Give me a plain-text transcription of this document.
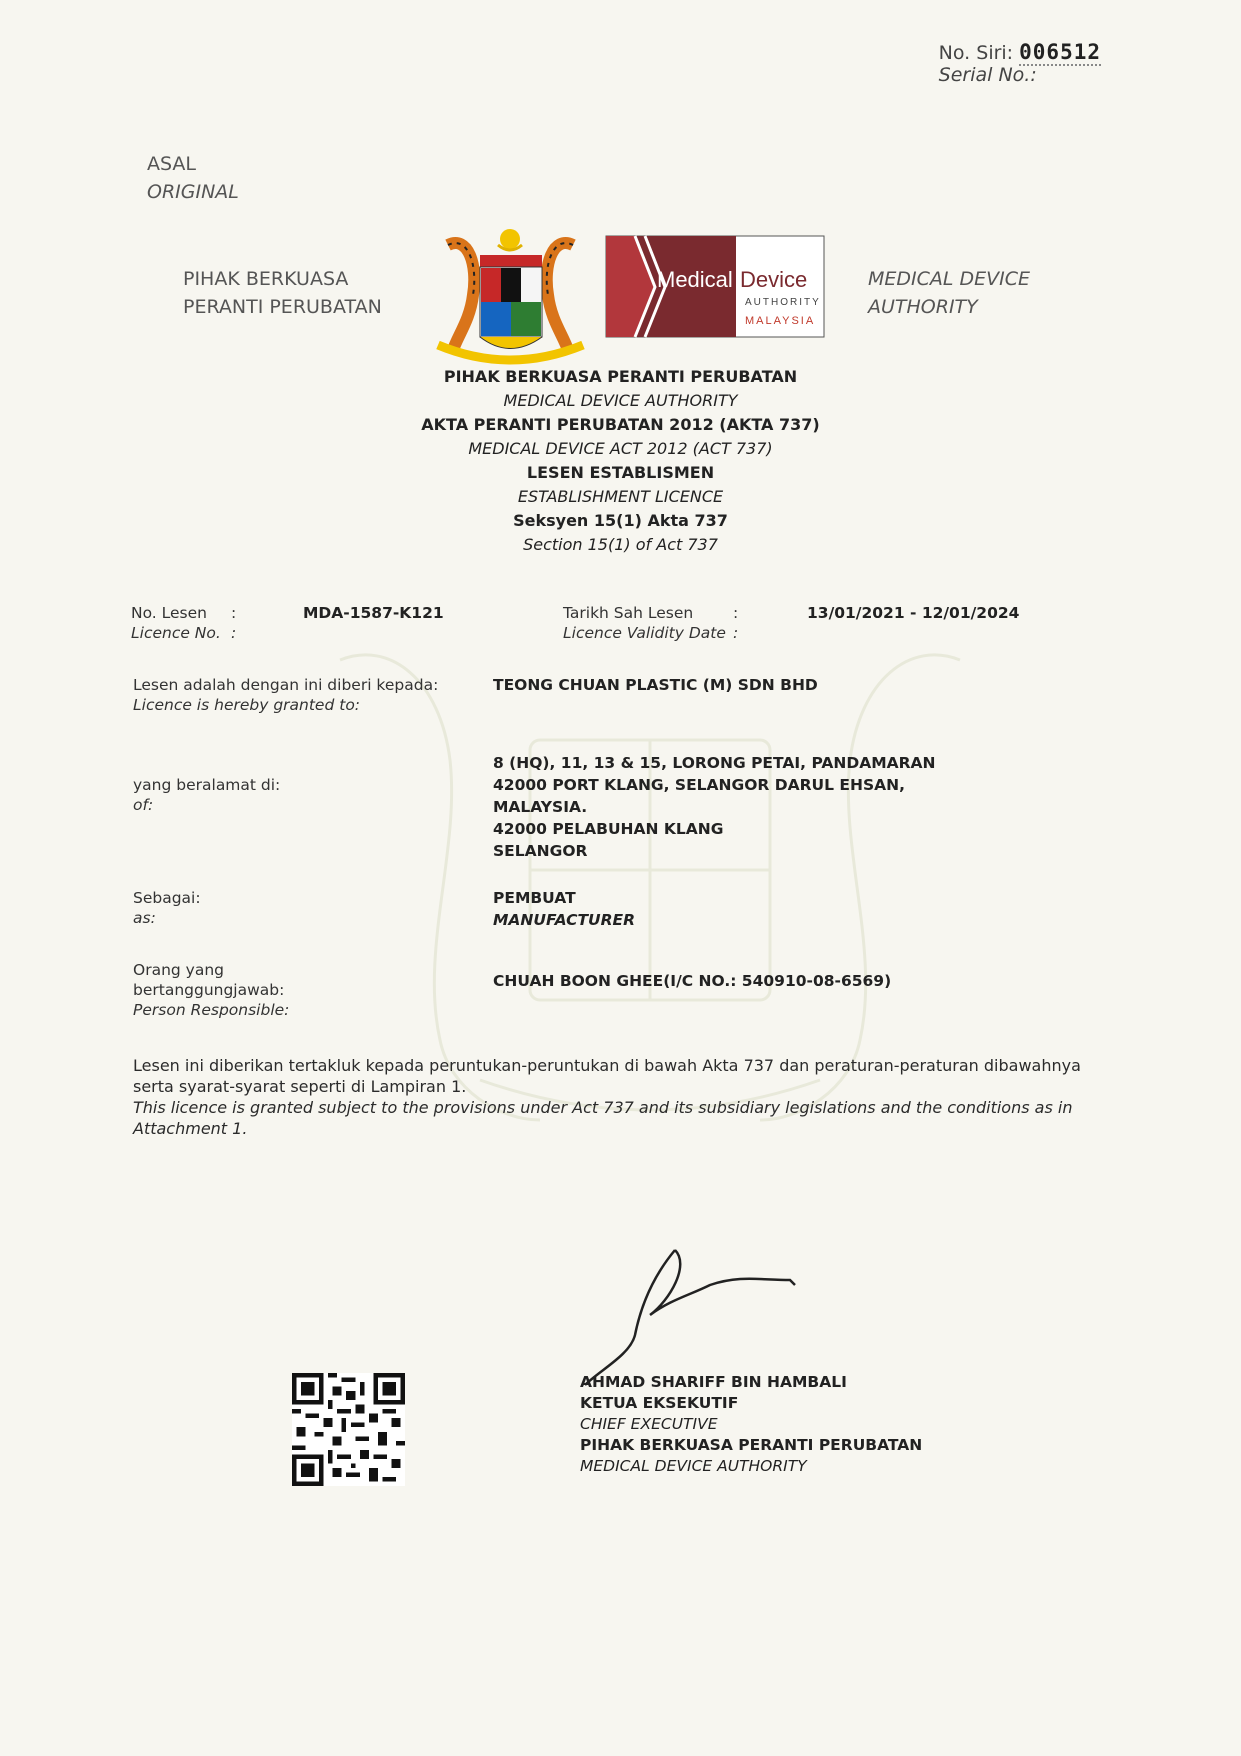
No. Siri: 006512
Serial No.:
ASAL
ORIGINAL
PIHAK BERKUASA
PERANTI PERUBATAN
Medical Device
AUTHORITY
MALAYSIA
MEDICAL DEVICE
AUTHORITY
PIHAK BERKUASA PERANTI PERUBATAN
MEDICAL DEVICE AUTHORITY
AKTA PERANTI PERUBATAN 2012 (AKTA 737)
MEDICAL DEVICE ACT 2012 (ACT 737)
LESEN ESTABLISMEN
ESTABLISHMENT LICENCE
Seksyen 15(1) Akta 737
Section 15(1) of Act 737
No. Lesen :
Licence No. :
MDA-1587-K121	Tarikh Sah Lesen	:
Licence Validity Date :
13/01/2021 - 12/01/2024
Lesen adalah dengan ini diberi kepada:
Licence is hereby granted to:
TEONG CHUAN PLASTIC (M) SDN BHD
yang beralamat di:
of:
8 (HQ), 11, 13 & 15, LORONG PETAI, PANDAMARAN
42000 PORT KLANG, SELANGOR DARUL EHSAN,
MALAYSIA.
42000 PELABUHAN KLANG
SELANGOR
Sebagai:
as:
PEMBUAT
MANUFACTURER
Orang yang
bertanggungjawab:
Person Responsible:
CHUAH BOON GHEE(I/C NO.: 540910-08-6569)
Lesen ini diberikan tertakluk kepada peruntukan-peruntukan di bawah Akta 737 dan peraturan-peraturan dibawahnya serta syarat-syarat seperti di Lampiran 1.
This licence is granted subject to the provisions under Act 737 and its subsidiary legislations and the conditions as in Attachment 1.
AHMAD SHARIFF BIN HAMBALI
KETUA EKSEKUTIF
CHIEF EXECUTIVE
PIHAK BERKUASA PERANTI PERUBATAN
MEDICAL DEVICE AUTHORITY
